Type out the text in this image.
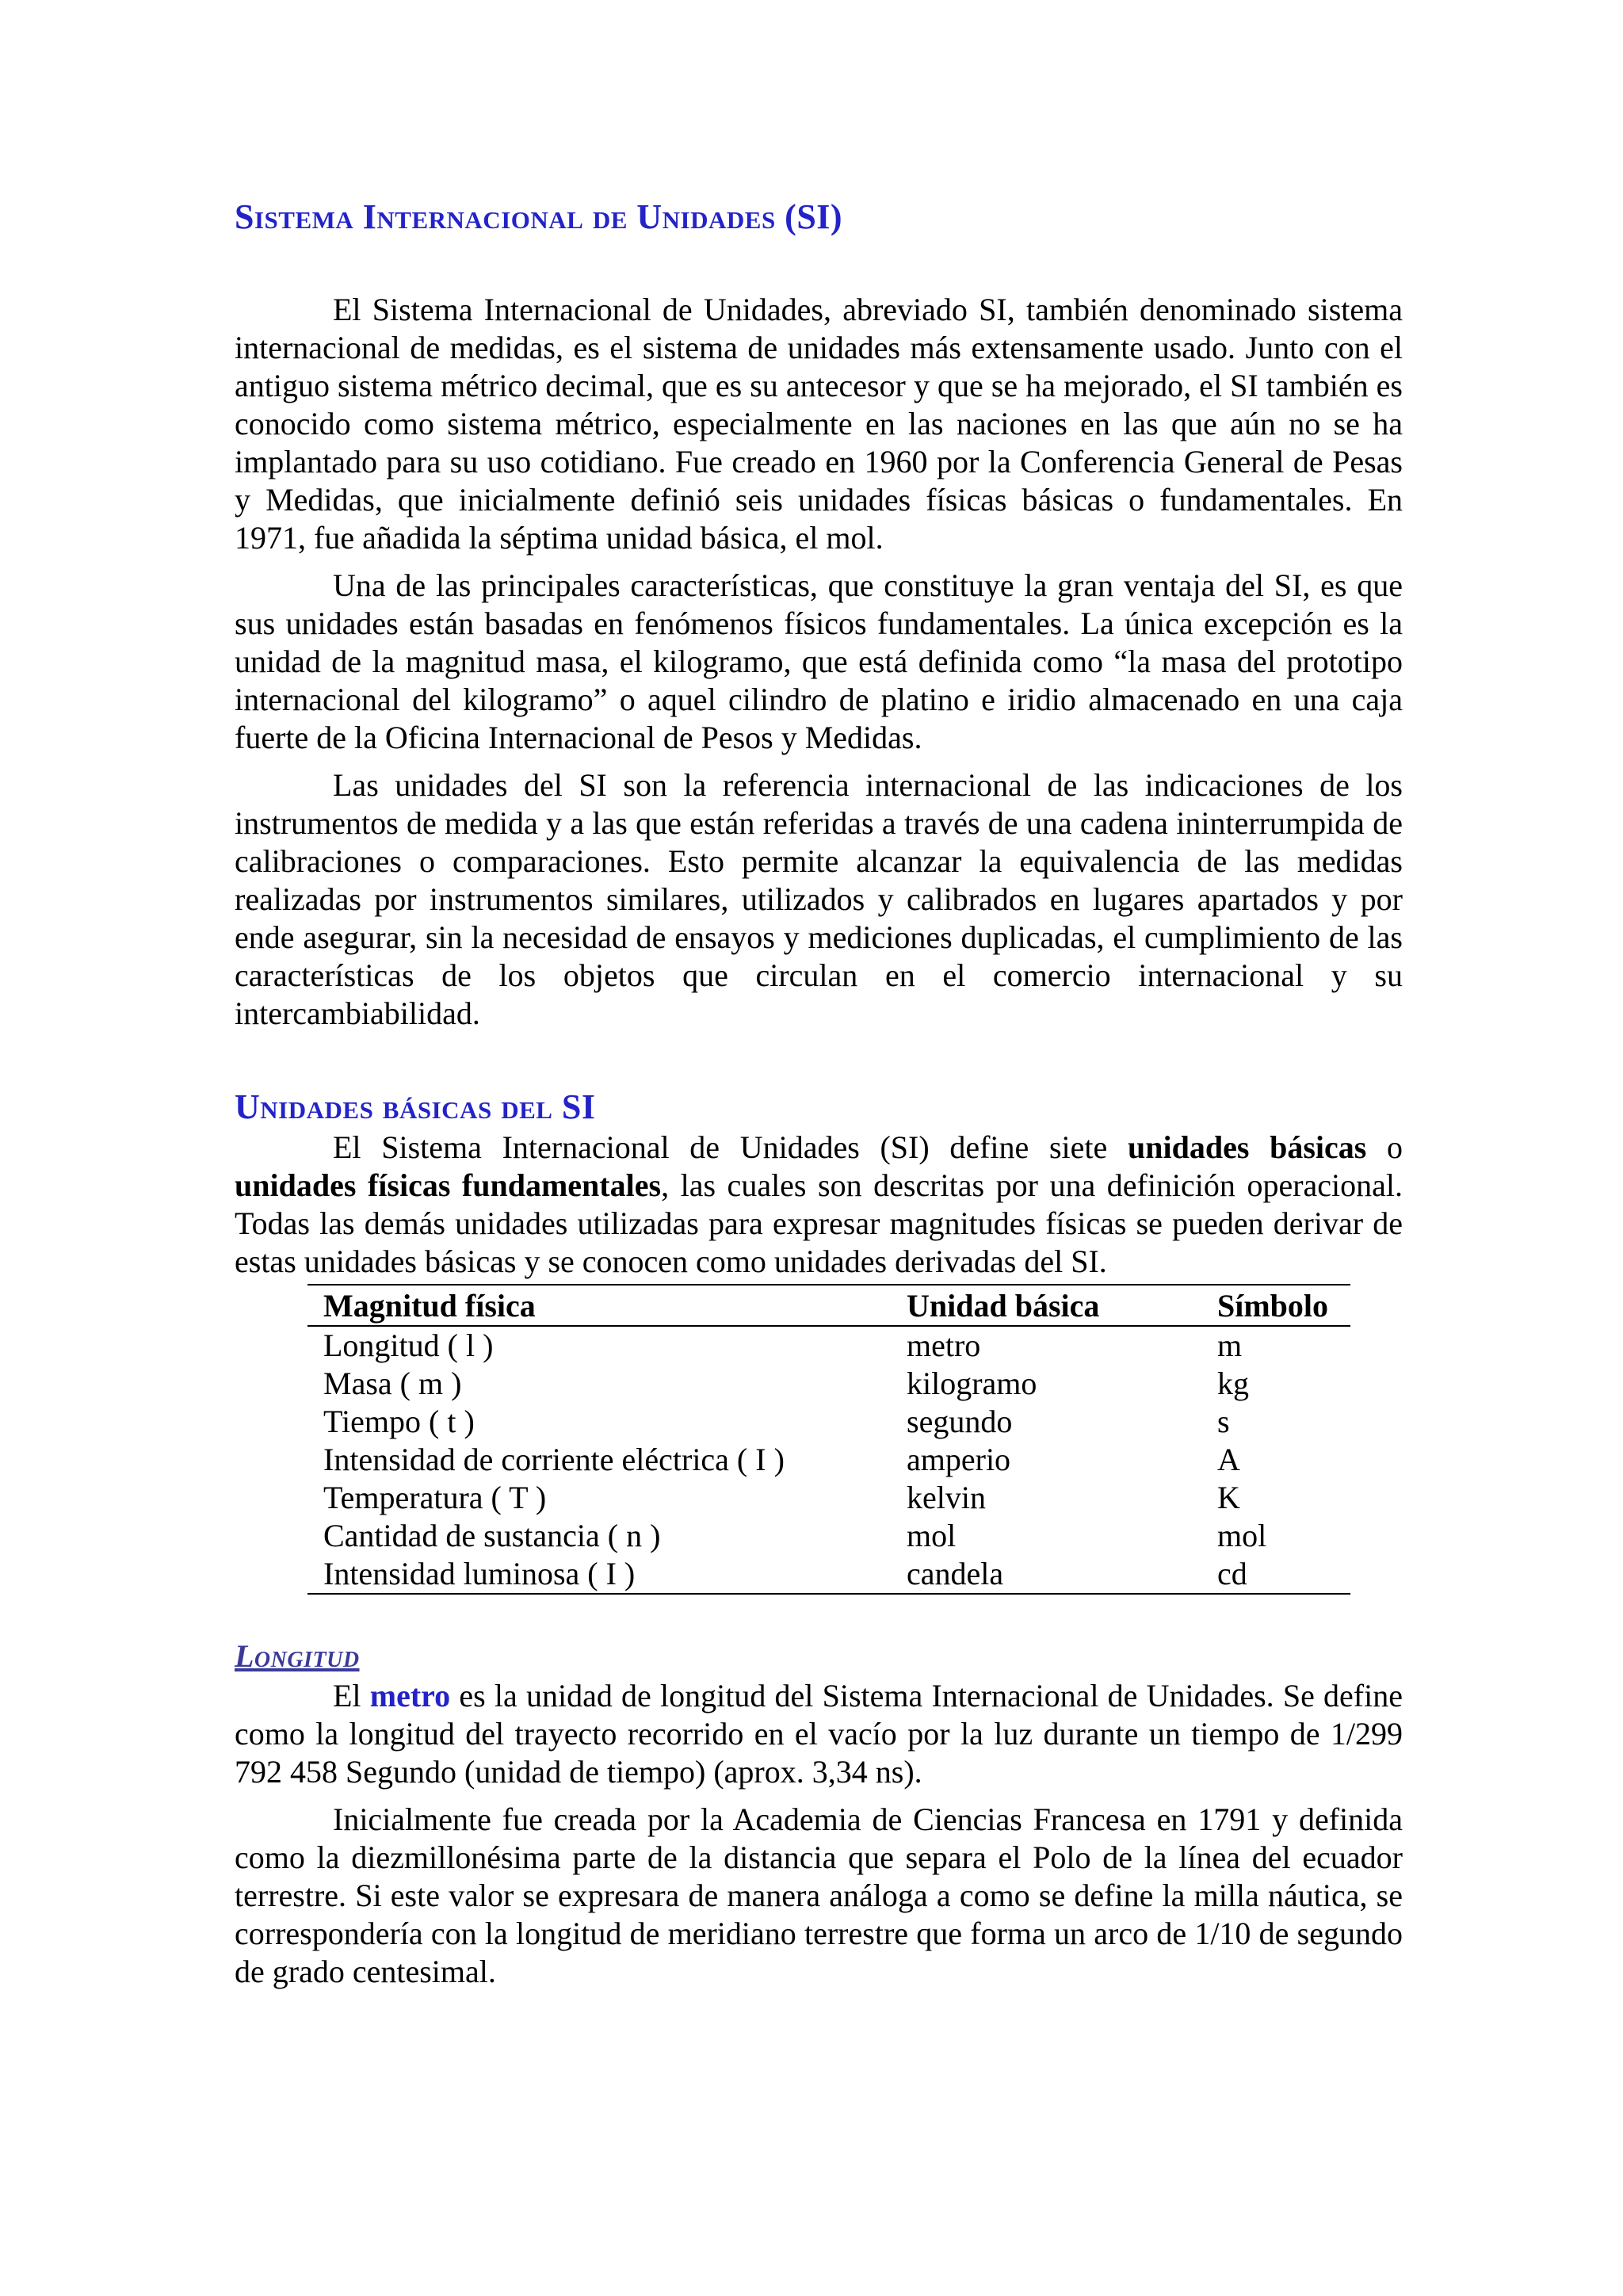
Sistema Internacional de Unidades (SI)

El Sistema Internacional de Unidades, abreviado SI, también denominado sistema internacional de medidas, es el sistema de unidades más extensamente usado. Junto con el antiguo sistema métrico decimal, que es su antecesor y que se ha mejorado, el SI también es conocido como sistema métrico, especialmente en las naciones en las que aún no se ha implantado para su uso cotidiano. Fue creado en 1960 por la Conferencia General de Pesas y Medidas, que inicialmente definió seis unidades físicas básicas o fundamentales. En 1971, fue añadida la séptima unidad básica, el mol.

Una de las principales características, que constituye la gran ventaja del SI, es que sus unidades están basadas en fenómenos físicos fundamentales. La única excepción es la unidad de la magnitud masa, el kilogramo, que está definida como “la masa del prototipo internacional del kilogramo” o aquel cilindro de platino e iridio almacenado en una caja fuerte de la Oficina Internacional de Pesos y Medidas.

Las unidades del SI son la referencia internacional de las indicaciones de los instrumentos de medida y a las que están referidas a través de una cadena ininterrumpida de calibraciones o comparaciones. Esto permite alcanzar la equivalencia de las medidas realizadas por instrumentos similares, utilizados y calibrados en lugares apartados y por ende asegurar, sin la necesidad de ensayos y mediciones duplicadas, el cumplimiento de las características de los objetos que circulan en el comercio internacional y su intercambiabilidad.

Unidades básicas del SI

El Sistema Internacional de Unidades (SI) define siete unidades básicas o unidades físicas fundamentales, las cuales son descritas por una definición operacional. Todas las demás unidades utilizadas para expresar magnitudes físicas se pueden derivar de estas unidades básicas y se conocen como unidades derivadas del SI.

Magnitud física	Unidad básica	Símbolo
Longitud ( l )	metro	m
Masa ( m )	kilogramo	kg
Tiempo ( t )	segundo	s
Intensidad de corriente eléctrica ( I )	amperio	A
Temperatura ( T )	kelvin	K
Cantidad de sustancia ( n )	mol	mol
Intensidad luminosa ( I )	candela	cd
Longitud

El metro es la unidad de longitud del Sistema Internacional de Unidades. Se define como la longitud del trayecto recorrido en el vacío por la luz durante un tiempo de 1/299 792 458 Segundo (unidad de tiempo) (aprox. 3,34 ns).

Inicialmente fue creada por la Academia de Ciencias Francesa en 1791 y definida como la diezmillonésima parte de la distancia que separa el Polo de la línea del ecuador terrestre. Si este valor se expresara de manera análoga a como se define la milla náutica, se correspondería con la longitud de meridiano terrestre que forma un arco de 1/10 de segundo de grado centesimal.
